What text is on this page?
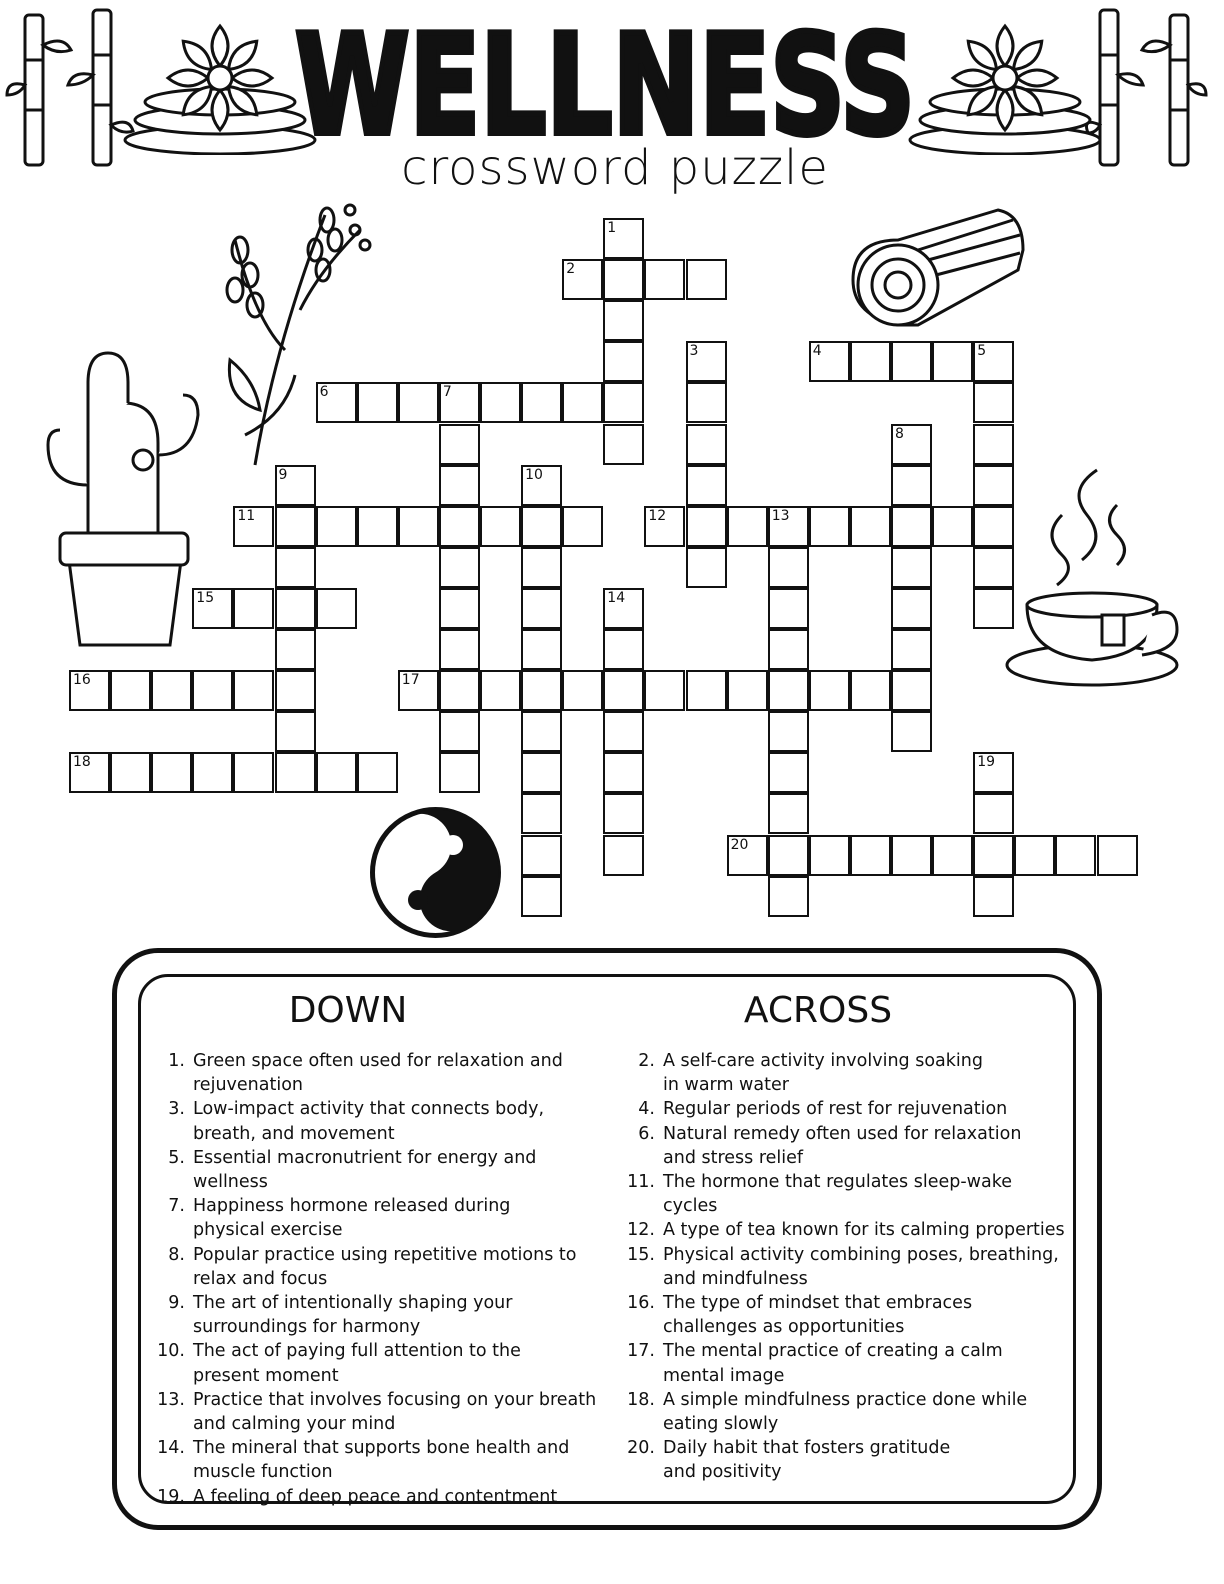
WELLNESS
crossword puzzle
1
2
3	4	5
6	7
8
9	10
11	12	13
14
15
16	17
18	19
20
DOWN	ACROSS
1. Green space often used for relaxation and
rejuvenation
3. Low-impact activity that connects body,
breath, and movement
5. Essential macronutrient for energy and wellness
7. Happiness hormone released during
physical exercise
8. Popular practice using repetitive motions to
relax and focus
9. The art of intentionally shaping your
surroundings for harmony
10. The act of paying full attention to the
present moment
13. Practice that involves focusing on your breath
and calming your mind
14. The mineral that supports bone health and
muscle function
19. A feeling of deep peace and contentment
2. A self-care activity involving soaking
in warm water
4. Regular periods of rest for rejuvenation
6. Natural remedy often used for relaxation
and stress relief
11. The hormone that regulates sleep-wake cycles
12. A type of tea known for its calming properties
15. Physical activity combining poses, breathing,
and mindfulness
16. The type of mindset that embraces
challenges as opportunities
17. The mental practice of creating a calm
mental image
18. A simple mindfulness practice done while
eating slowly
20. Daily habit that fosters gratitude
and positivity
